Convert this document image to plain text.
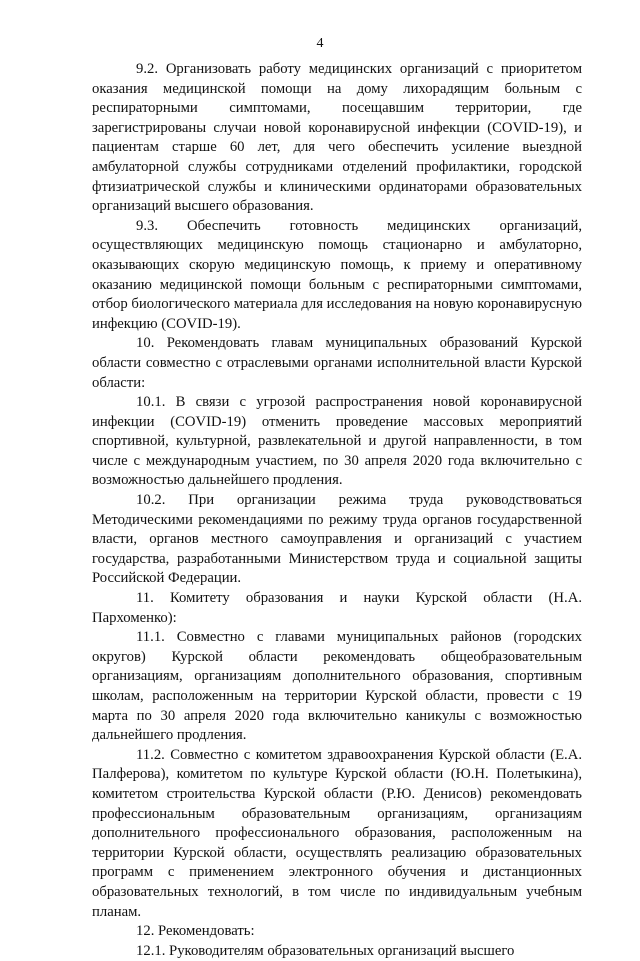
4

9.2. Организовать работу медицинских организаций с приоритетом оказания медицинской помощи на дому лихорадящим больным с респираторными симптомами, посещавшим территории, где зарегистрированы случаи новой коронавирусной инфекции (COVID-19), и пациентам старше 60 лет, для чего обеспечить усиление выездной амбулаторной службы сотрудниками отделений профилактики, городской фтизиатрической службы и клиническими ординаторами образовательных организаций высшего образования.

9.3. Обеспечить готовность медицинских организаций, осуществляющих медицинскую помощь стационарно и амбулаторно, оказывающих скорую медицинскую помощь, к приему и оперативному оказанию медицинской помощи больным с респираторными симптомами, отбор биологического материала для исследования на новую коронавирусную инфекцию (COVID-19).

10. Рекомендовать главам муниципальных образований Курской области совместно с отраслевыми органами исполнительной власти Курской области:

10.1. В связи с угрозой распространения новой коронавирусной инфекции (COVID-19) отменить проведение массовых мероприятий спортивной, культурной, развлекательной и другой направленности, в том числе с международным участием, по 30 апреля 2020 года включительно с возможностью дальнейшего продления.

10.2. При организации режима труда руководствоваться Методическими рекомендациями по режиму труда органов государственной власти, органов местного самоуправления и организаций с участием государства, разработанными Министерством труда и социальной защиты Российской Федерации.

11. Комитету образования и науки Курской области (Н.А. Пархоменко):

11.1. Совместно с главами муниципальных районов (городских округов) Курской области рекомендовать общеобразовательным организациям, организациям дополнительного образования, спортивным школам, расположенным на территории Курской области, провести с 19 марта по 30 апреля 2020 года включительно каникулы с возможностью дальнейшего продления.

11.2. Совместно с комитетом здравоохранения Курской области (Е.А. Палферова), комитетом по культуре Курской области (Ю.Н. Полетыкина), комитетом строительства Курской области (Р.Ю. Денисов) рекомендовать профессиональным образовательным организациям, организациям дополнительного профессионального образования, расположенным на территории Курской области, осуществлять реализацию образовательных программ с применением электронного обучения и дистанционных образовательных технологий, в том числе по индивидуальным учебным планам.

12. Рекомендовать:

12.1. Руководителям образовательных организаций высшего
